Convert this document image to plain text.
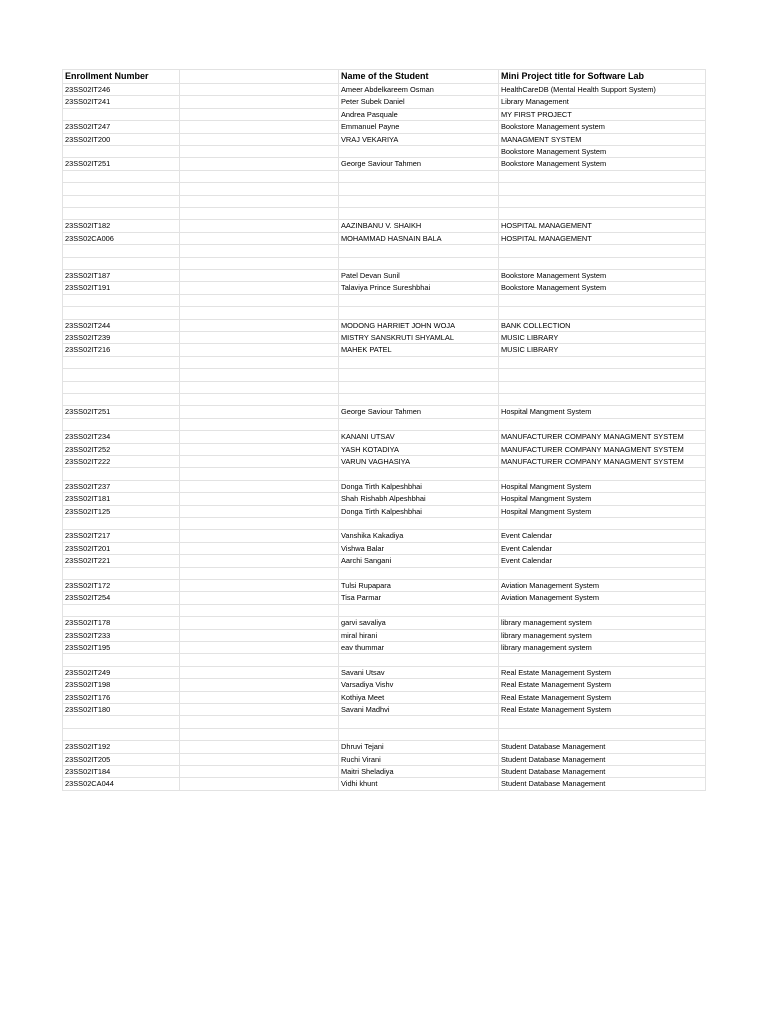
Enrollment Number		Name of the Student	Mini Project title for Software Lab
23SS02IT246		Ameer Abdelkareem Osman	HealthCareDB (Mental Health Support System)
23SS02IT241		Peter Subek Daniel	Library Management
		Andrea Pasquale	MY FIRST PROJECT
23SS02IT247		Emmanuel Payne	Bookstore Management system
23SS02IT200		VRAJ VEKARIYA	MANAGMENT SYSTEM
			Bookstore Management System
23SS02IT251		George Saviour Tahmen	Bookstore Management System

23SS02IT182		AAZINBANU V. SHAIKH	HOSPITAL MANAGEMENT
23SS02CA006		MOHAMMAD HASNAIN BALA	HOSPITAL MANAGEMENT

23SS02IT187		Patel Devan Sunil	Bookstore Management System
23SS02IT191		Talaviya Prince Sureshbhai	Bookstore Management System

23SS02IT244		MODONG HARRIET JOHN WOJA	BANK COLLECTION
23SS02IT239		MISTRY SANSKRUTI SHYAMLAL	MUSIC LIBRARY
23SS02IT216		MAHEK PATEL	MUSIC LIBRARY

23SS02IT251		George Saviour Tahmen	Hospital Mangment System

23SS02IT234		KANANI UTSAV	MANUFACTURER COMPANY MANAGMENT SYSTEM
23SS02IT252		YASH KOTADIYA	MANUFACTURER COMPANY MANAGMENT SYSTEM
23SS02IT222		VARUN VAGHASIYA	MANUFACTURER COMPANY MANAGMENT SYSTEM

23SS02IT237		Donga Tirth Kalpeshbhai	Hospital Mangment System
23SS02IT181		Shah Rishabh Alpeshbhai	Hospital Mangment System
23SS02IT125		Donga Tirth Kalpeshbhai	Hospital Mangment System

23SS02IT217		Vanshika Kakadiya	Event Calendar
23SS02IT201		Vishwa Balar	Event Calendar
23SS02IT221		Aarchi Sangani	Event Calendar

23SS02IT172		Tulsi Rupapara	Aviation Management System
23SS02IT254		Tisa Parmar	Aviation Management System

23SS02IT178		garvi savaliya	library management system
23SS02IT233		miral hirani	library management system
23SS02IT195		eav thummar	library management system

23SS02IT249		Savani Utsav	Real Estate Management System
23SS02IT198		Varsadiya Vishv	Real Estate Management System
23SS02IT176		Kothiya Meet	Real Estate Management System
23SS02IT180		Savani Madhvi	Real Estate Management System

23SS02IT192		Dhruvi Tejani	Student Database Management
23SS02IT205		Ruchi Virani	Student Database Management
23SS02IT184		Maitri Sheladiya	Student Database Management
23SS02CA044		Vidhi khunt	Student Database Management
